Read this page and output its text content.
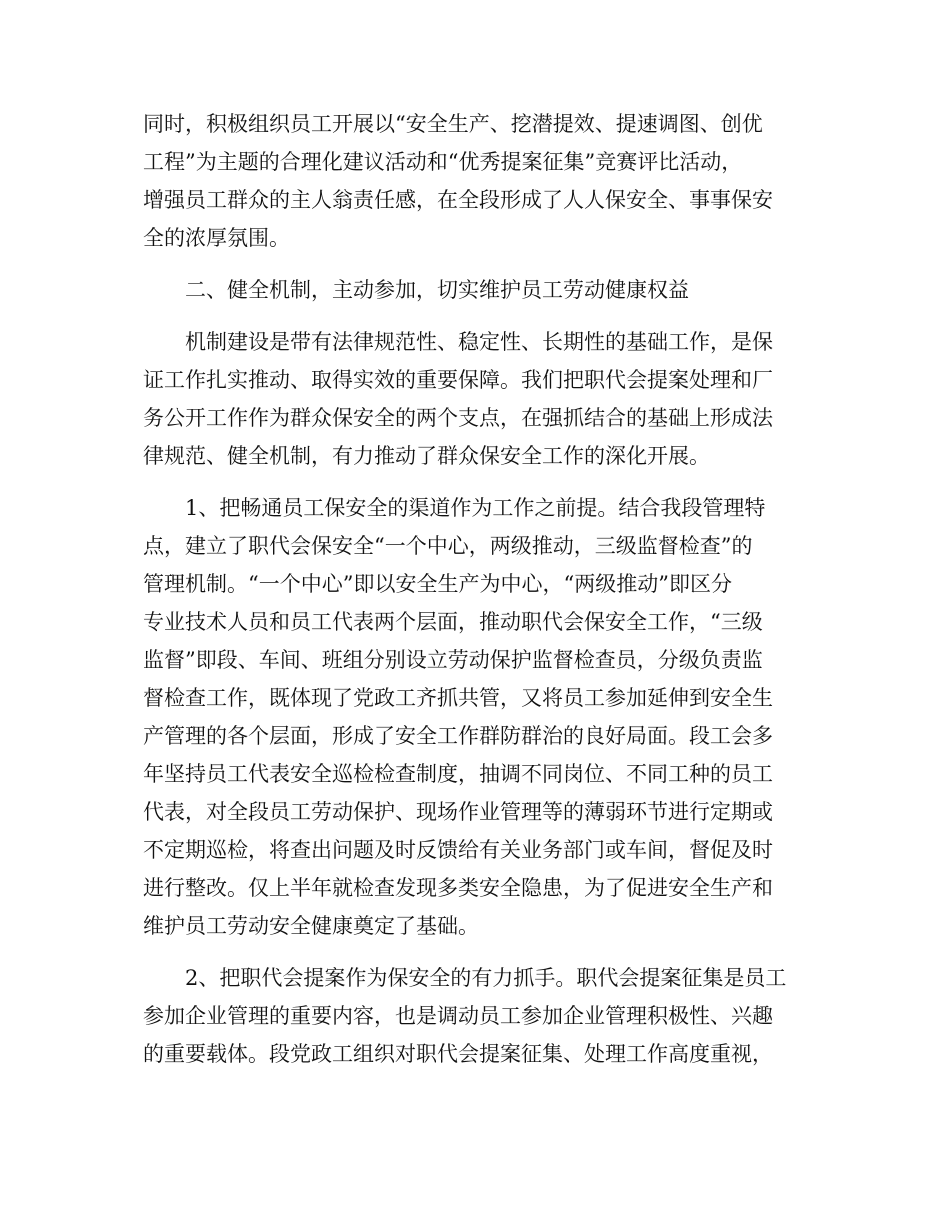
同时，积极组织员工开展以“安全生产、挖潜提效、提速调图、创优

工程”为主题的合理化建议活动和“优秀提案征集”竞赛评比活动，

增强员工群众的主人翁责任感，在全段形成了人人保安全、事事保安

全的浓厚氛围。

二、健全机制，主动参加，切实维护员工劳动健康权益

机制建设是带有法律规范性、稳定性、长期性的基础工作，是保

证工作扎实推动、取得实效的重要保障。我们把职代会提案处理和厂

务公开工作作为群众保安全的两个支点，在强抓结合的基础上形成法

律规范、健全机制，有力推动了群众保安全工作的深化开展。

1、把畅通员工保安全的渠道作为工作之前提。结合我段管理特

点，建立了职代会保安全“一个中心，两级推动，三级监督检查”的

管理机制。“一个中心”即以安全生产为中心，“两级推动”即区分

专业技术人员和员工代表两个层面，推动职代会保安全工作，“三级

监督”即段、车间、班组分别设立劳动保护监督检查员，分级负责监

督检查工作，既体现了党政工齐抓共管，又将员工参加延伸到安全生

产管理的各个层面，形成了安全工作群防群治的良好局面。段工会多

年坚持员工代表安全巡检检查制度，抽调不同岗位、不同工种的员工

代表，对全段员工劳动保护、现场作业管理等的薄弱环节进行定期或

不定期巡检，将查出问题及时反馈给有关业务部门或车间，督促及时

进行整改。仅上半年就检查发现多类安全隐患，为了促进安全生产和

维护员工劳动安全健康奠定了基础。

2、把职代会提案作为保安全的有力抓手。职代会提案征集是员工

参加企业管理的重要内容，也是调动员工参加企业管理积极性、兴趣

的重要载体。段党政工组织对职代会提案征集、处理工作高度重视，
